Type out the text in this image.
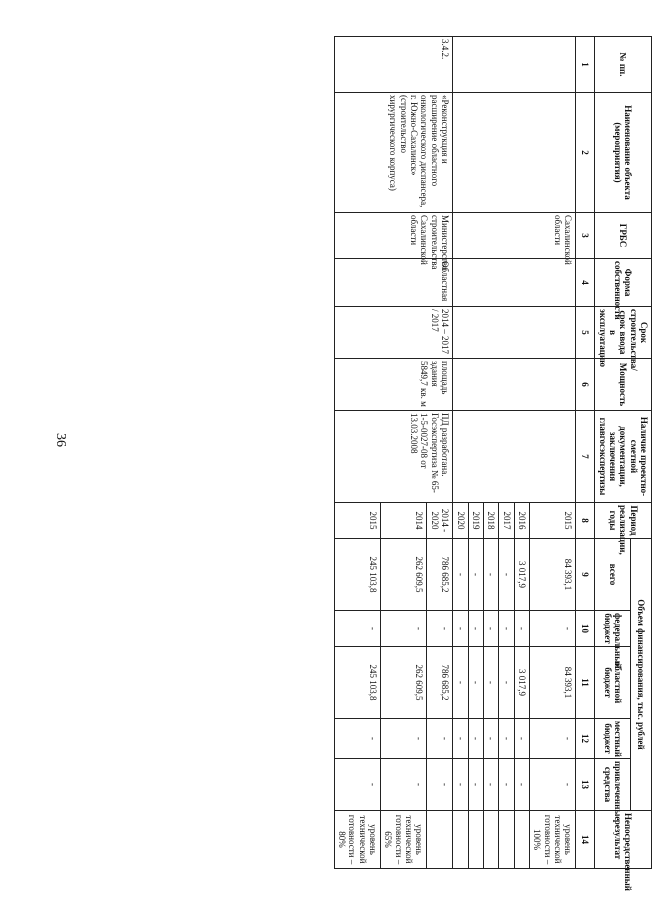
36
№ пп.	Наименование объекта (мероприятия)	ГРБС	Форма собственности	Срок строительства/срок ввода в эксплуатацию	Мощность	Наличие проектно-сметной документации, заключения главгосэкспертизы	Период реализации, годы	Объем финансирования, тыс. рублей					Непосредственный результат
								всего	федеральный бюджет	областной бюджет	местный бюджет	привлеченные средства	
1	2	3	4	5	6	7	8	9	10	11	12	13	14
		Сахалинской области					2015	84 393,1	-	84 393,1	-	-	уровень технической готовности – 100%
							2016	3 017,9	-	3 017,9	-	-	
							2017	-	-	-	-	-	
							2018	-	-	-	-	-	
							2019	-	-	-	-	-	
							2020	-	-	-	-	-	
3.4.2.	«Реконструкция и расширение областного онкологического диспансера, г. Южно-Сахалинск» (строительство хирургического корпуса)	Министерство строительства Сахалинской области	Областная	2014 – 2017 / 2017	площадь здания 5849,7 кв. м	ПД разработана. Госэкспертиза № 65-1-5-0027-08 от 13.03.2008	2014 - 2020	786 685,2	-	786 685,2	-	-	
							2014	262 609,5	-	262 609,5	-	-	уровень технической готовности – 65%
							2015	245 103,8	-	245 103,8	-	-	уровень технической готовности – 80%
